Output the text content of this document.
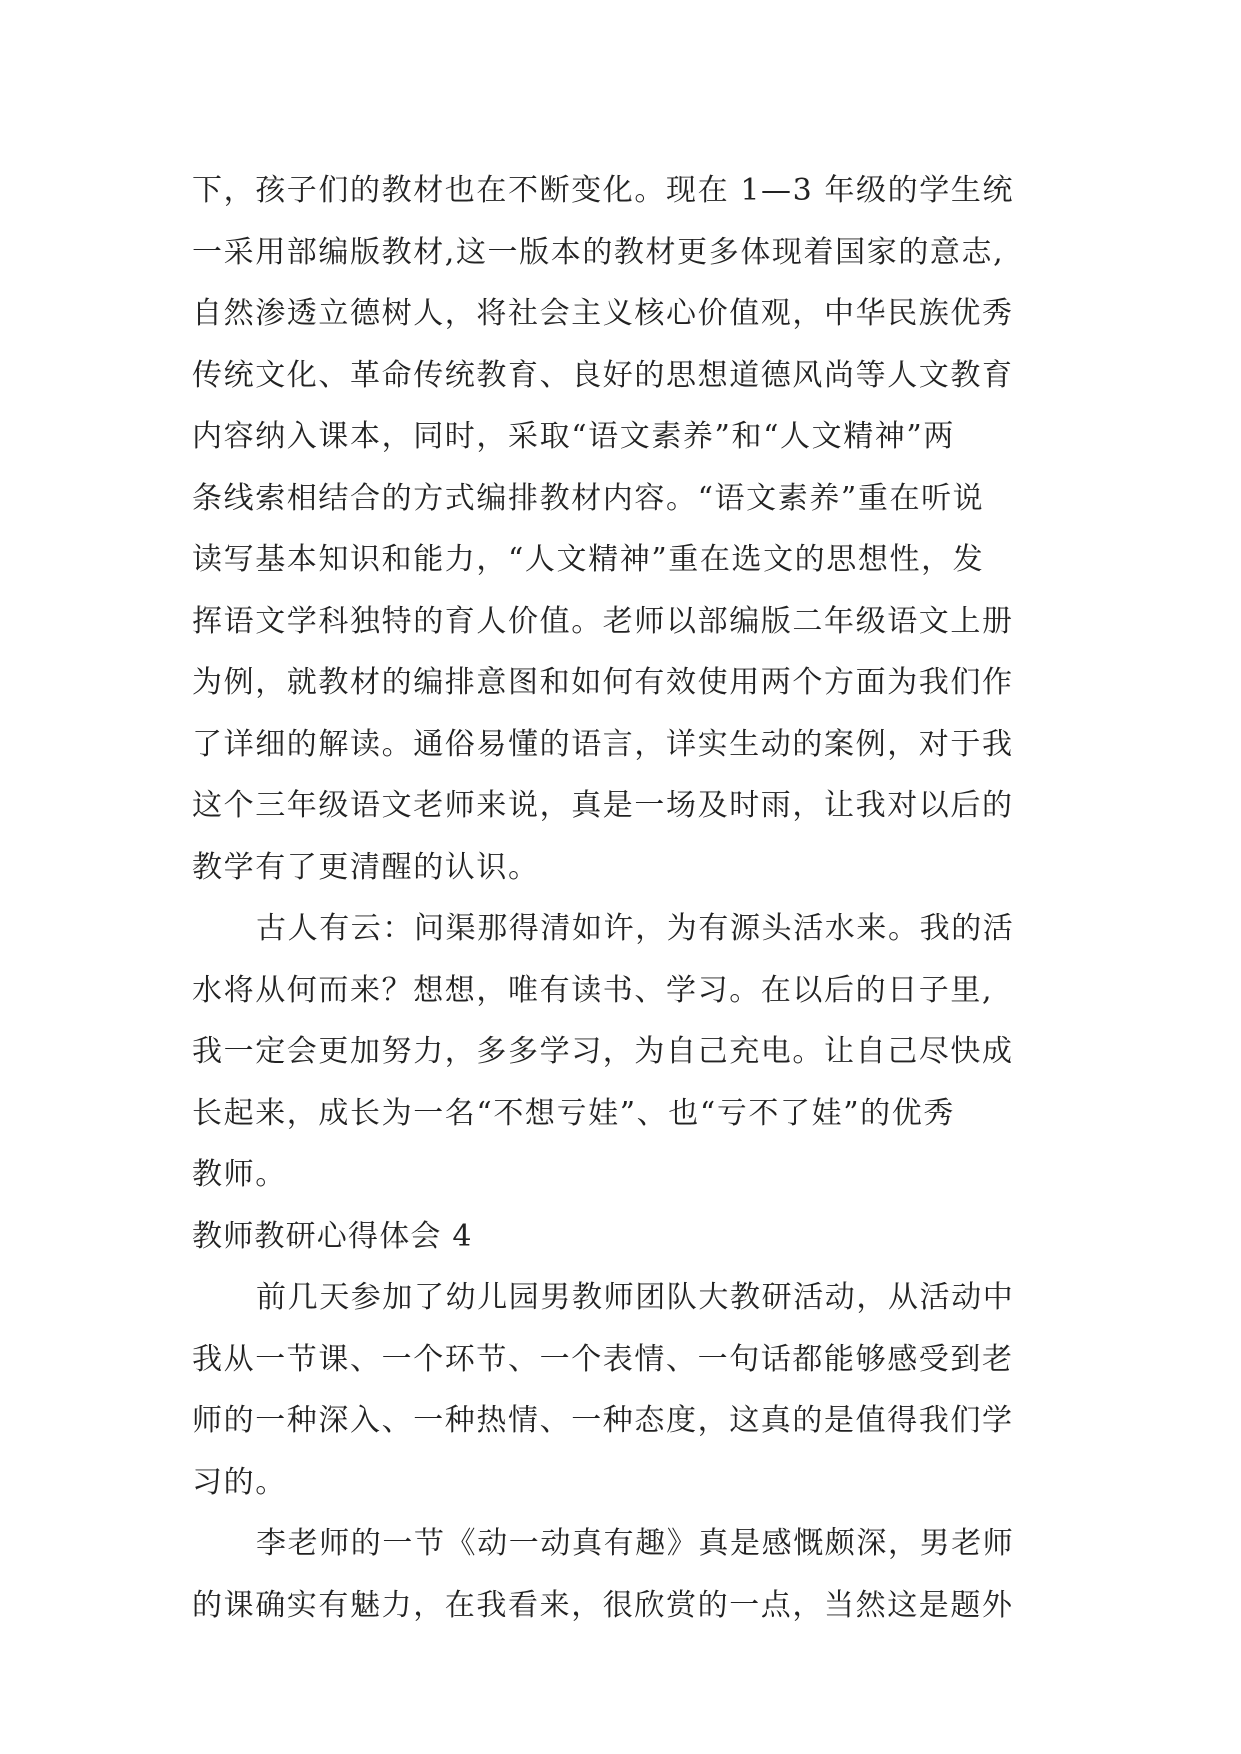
下，孩子们的教材也在不断变化。现在 1—3 年级的学生统
一采用部编版教材,这一版本的教材更多体现着国家的意志,
自然渗透立德树人，将社会主义核心价值观，中华民族优秀
传统文化、革命传统教育、良好的思想道德风尚等人文教育
内容纳入课本，同时，采取“语文素养”和“人文精神”两
条线索相结合的方式编排教材内容。“语文素养”重在听说
读写基本知识和能力，“人文精神”重在选文的思想性，发
挥语文学科独特的育人价值。老师以部编版二年级语文上册
为例，就教材的编排意图和如何有效使用两个方面为我们作
了详细的解读。通俗易懂的语言，详实生动的案例，对于我
这个三年级语文老师来说，真是一场及时雨，让我对以后的
教学有了更清醒的认识。
古人有云：问渠那得清如许，为有源头活水来。我的活
水将从何而来？想想，唯有读书、学习。在以后的日子里,
我一定会更加努力，多多学习，为自己充电。让自己尽快成
长起来，成长为一名“不想亏娃”、也“亏不了娃”的优秀
教师。
教师教研心得体会 4
前几天参加了幼儿园男教师团队大教研活动，从活动中
我从一节课、一个环节、一个表情、一句话都能够感受到老
师的一种深入、一种热情、一种态度，这真的是值得我们学
习的。
李老师的一节《动一动真有趣》真是感慨颇深，男老师
的课确实有魅力，在我看来，很欣赏的一点，当然这是题外
